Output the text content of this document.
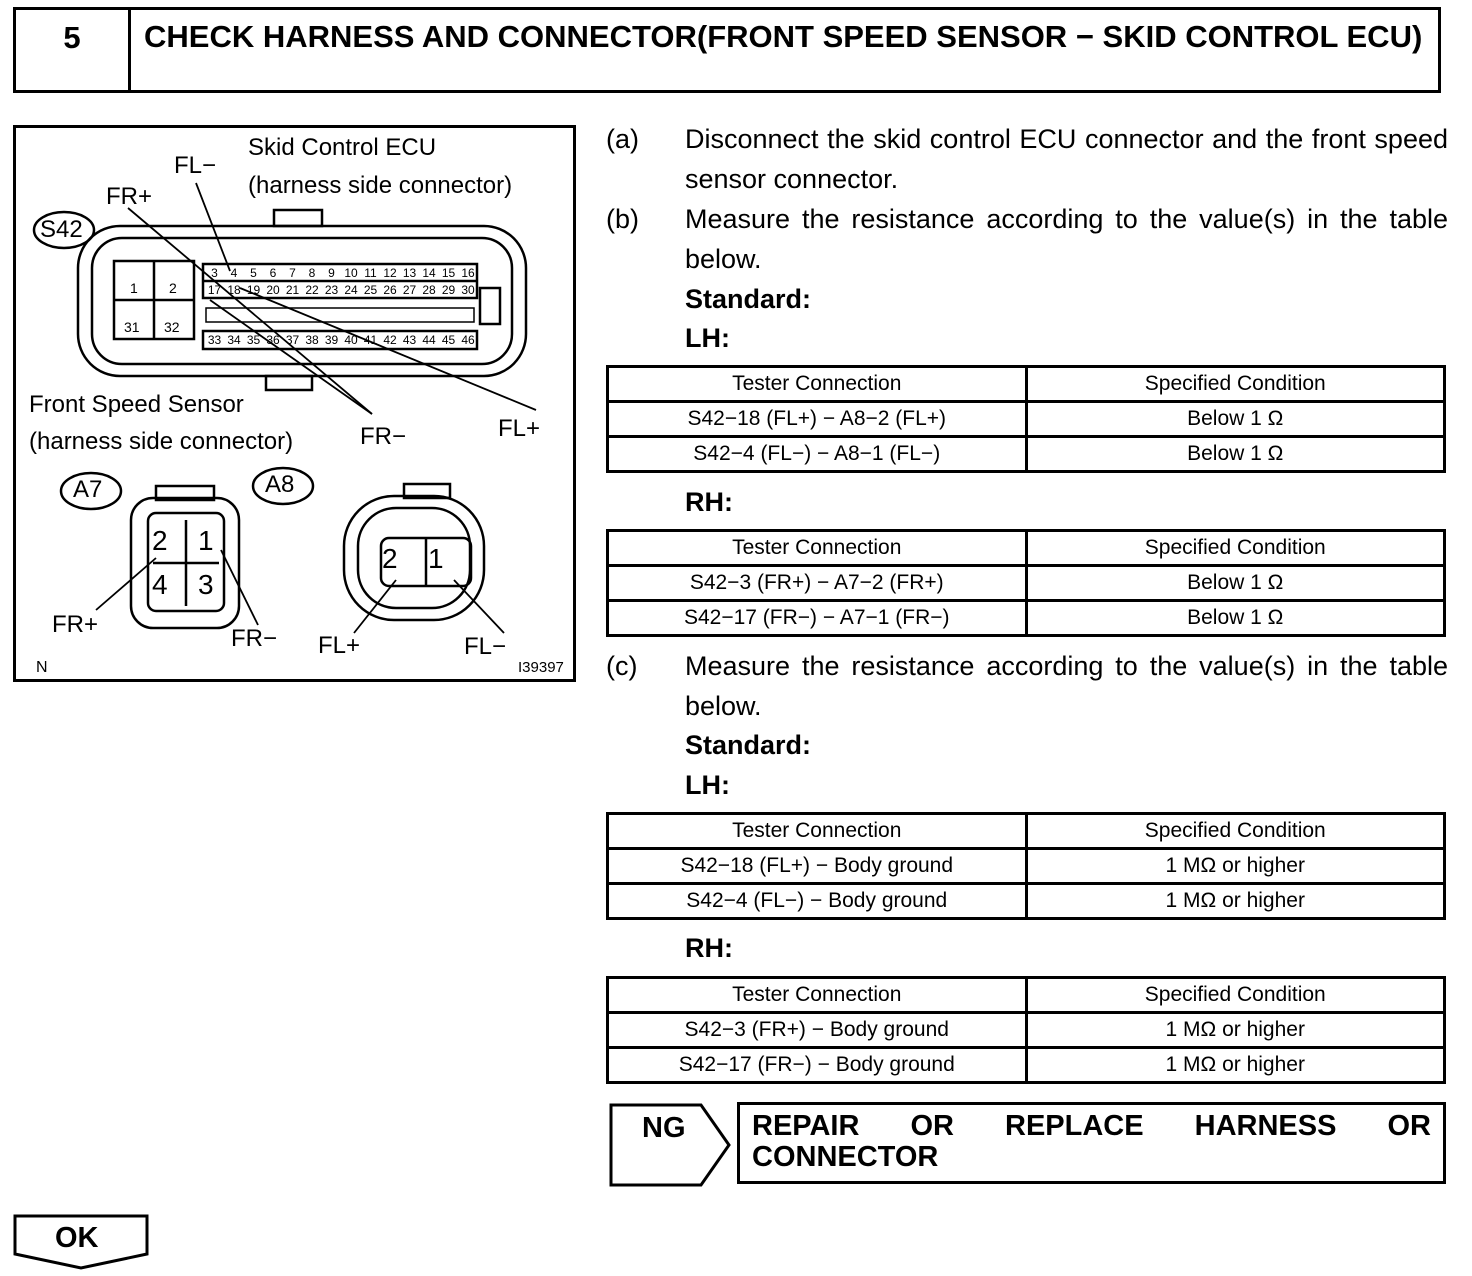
5	CHECK HARNESS AND CONNECTOR(FRONT SPEED SENSOR − SKID CONTROL ECU)
Skid Control ECU
(harness side connector)
FL−
FR+
S42
1 2
31 32
3	4	5	6	7	8	9 10 11 12 13 14 15 16
17 18 19 20 21 22 23 24 25 26 27 28 29 30
33 34 35 36 37 38 39 40 41 42 43 44 45 46
Front Speed Sensor
(harness side connector)	FR−	FL+
A7	A8
2 1
4 3
2 1
FR+
FR− FL+	FL−
N	I39397
(a)	Disconnect the skid control ECU connector and the front speed sensor connector.
(b)	Measure the resistance according to the value(s) in the table below.
Standard:
LH:
Tester Connection	Specified Condition
S42−18 (FL+) − A8−2 (FL+)	Below 1 Ω
S42−4 (FL−) − A8−1 (FL−)	Below 1 Ω
RH:
Tester Connection	Specified Condition
S42−3 (FR+) − A7−2 (FR+)	Below 1 Ω
S42−17 (FR−) − A7−1 (FR−)	Below 1 Ω
(c)	Measure the resistance according to the value(s) in the table below.
Standard:
LH:
Tester Connection	Specified Condition
S42−18 (FL+) − Body ground	1 MΩ or higher
S42−4 (FL−) − Body ground	1 MΩ or higher
RH:
Tester Connection	Specified Condition
S42−3 (FR+) − Body ground	1 MΩ or higher
S42−17 (FR−) − Body ground	1 MΩ or higher
NG REPAIR OR REPLACE HARNESS OR
CONNECTOR
OK
